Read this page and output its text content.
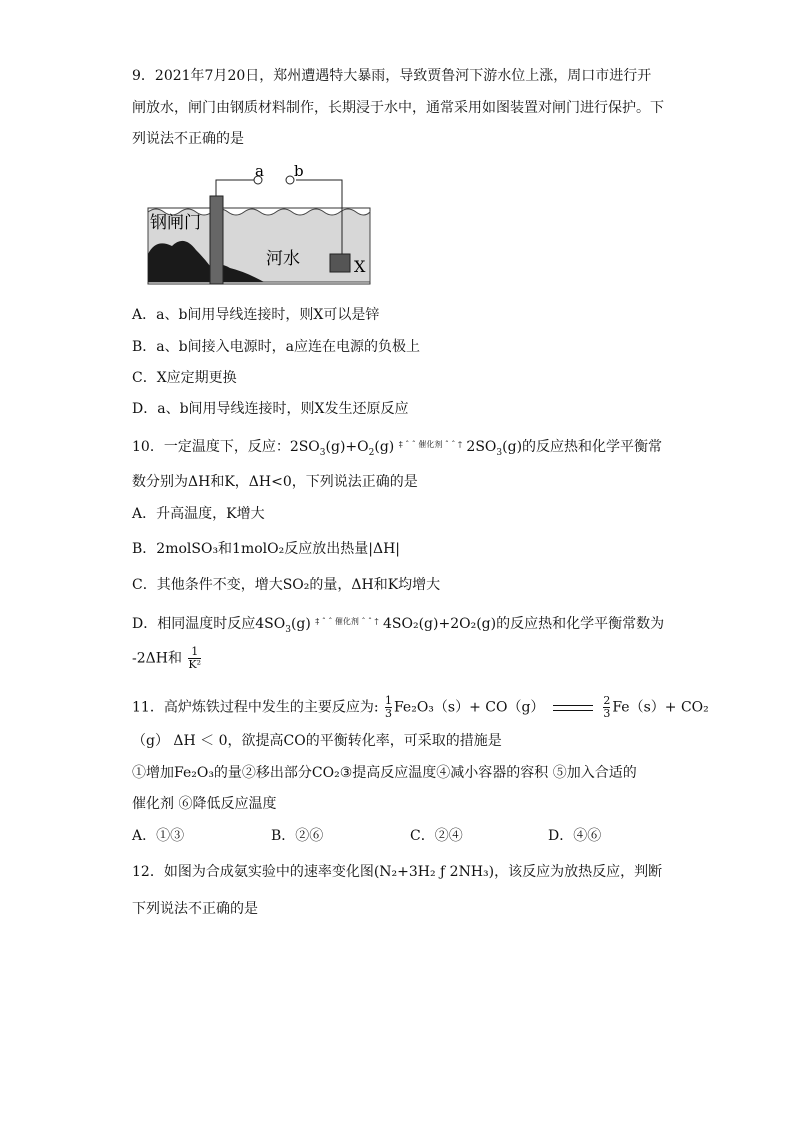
9．2021年7月20日，郑州遭遇特大暴雨，导致贾鲁河下游水位上涨，周口市进行开
闸放水，闸门由钢质材料制作，长期浸于水中，通常采用如图装置对闸门进行保护。下
列说法不正确的是
a b
钢闸门
河水	X
A．a、b间用导线连接时，则X可以是锌
B．a、b间接入电源时，a应连在电源的负极上
C．X应定期更换
D．a、b间用导线连接时，则X发生还原反应
10．一定温度下，反应：$2SO_3(g)+O_2(g)$ $^{\ddagger ˆ ˆ 催化剂 ˆ ˆ \dagger}$ $2SO_3(g)$的反应热和化学平衡常
数分别为ΔH和K，ΔH<0，下列说法正确的是
A．升高温度，K增大
B．2molSO₃和1molO₂反应放出热量|ΔH|
C．其他条件不变，增大SO₂的量，ΔH和K均增大
D．相同温度时反应$4SO_3(g)$ $^{\ddagger ˆ ˆ 催化剂 ˆ ˆ \dagger}$ 4SO₂(g)+2O₂(g)的反应热和化学平衡常数为
-2ΔH和 $\frac{1}{\text{K²}}$
11．高炉炼铁过程中发生的主要反应为: $\frac{1}{3} Fe_2O_3(s)+ CO(g)$	$\frac{2}{3} Fe(s)+ CO_2$
（g） ΔH ＜ 0，欲提高CO的平衡转化率，可采取的措施是
①增加Fe₂O₃的量②移出部分CO₂③提高反应温度④减小容器的容积 ⑤加入合适的
催化剂 ⑥降低反应温度
A．①③	B．②⑥	C．②④	D．④⑥
12．如图为合成氨实验中的速率变化图(N₂+3H₂ ƒ 2NH₃)，该反应为放热反应，判断
下列说法不正确的是
